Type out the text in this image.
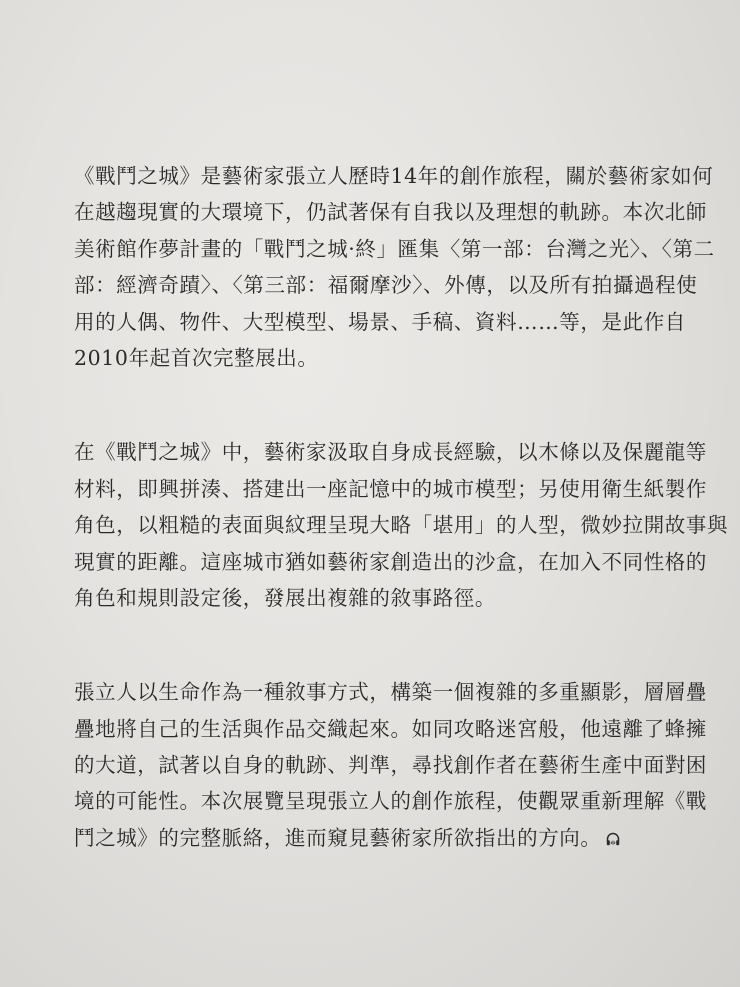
《戰鬥之城》是藝術家張立人歷時14年的創作旅程，關於藝術家如何
在越趨現實的大環境下，仍試著保有自我以及理想的軌跡。本次北師
美術館作夢計畫的「戰鬥之城·終」匯集〈第一部：台灣之光〉、〈第二
部：經濟奇蹟〉、〈第三部：福爾摩沙〉、外傳，以及所有拍攝過程使
用的人偶、物件、大型模型、場景、手稿、資料……等，是此作自
2010年起首次完整展出。
在《戰鬥之城》中，藝術家汲取自身成長經驗，以木條以及保麗龍等
材料，即興拼湊、搭建出一座記憶中的城市模型；另使用衛生紙製作
角色，以粗糙的表面與紋理呈現大略「堪用」的人型，微妙拉開故事與
現實的距離。這座城市猶如藝術家創造出的沙盒，在加入不同性格的
角色和規則設定後，發展出複雜的敘事路徑。
張立人以生命作為一種敘事方式，構築一個複雜的多重顯影，層層疊
疊地將自己的生活與作品交織起來。如同攻略迷宮般，他遠離了蜂擁
的大道，試著以自身的軌跡、判準，尋找創作者在藝術生產中面對困
境的可能性。本次展覽呈現張立人的創作旅程，使觀眾重新理解《戰
鬥之城》的完整脈絡，進而窺見藝術家所欲指出的方向。
